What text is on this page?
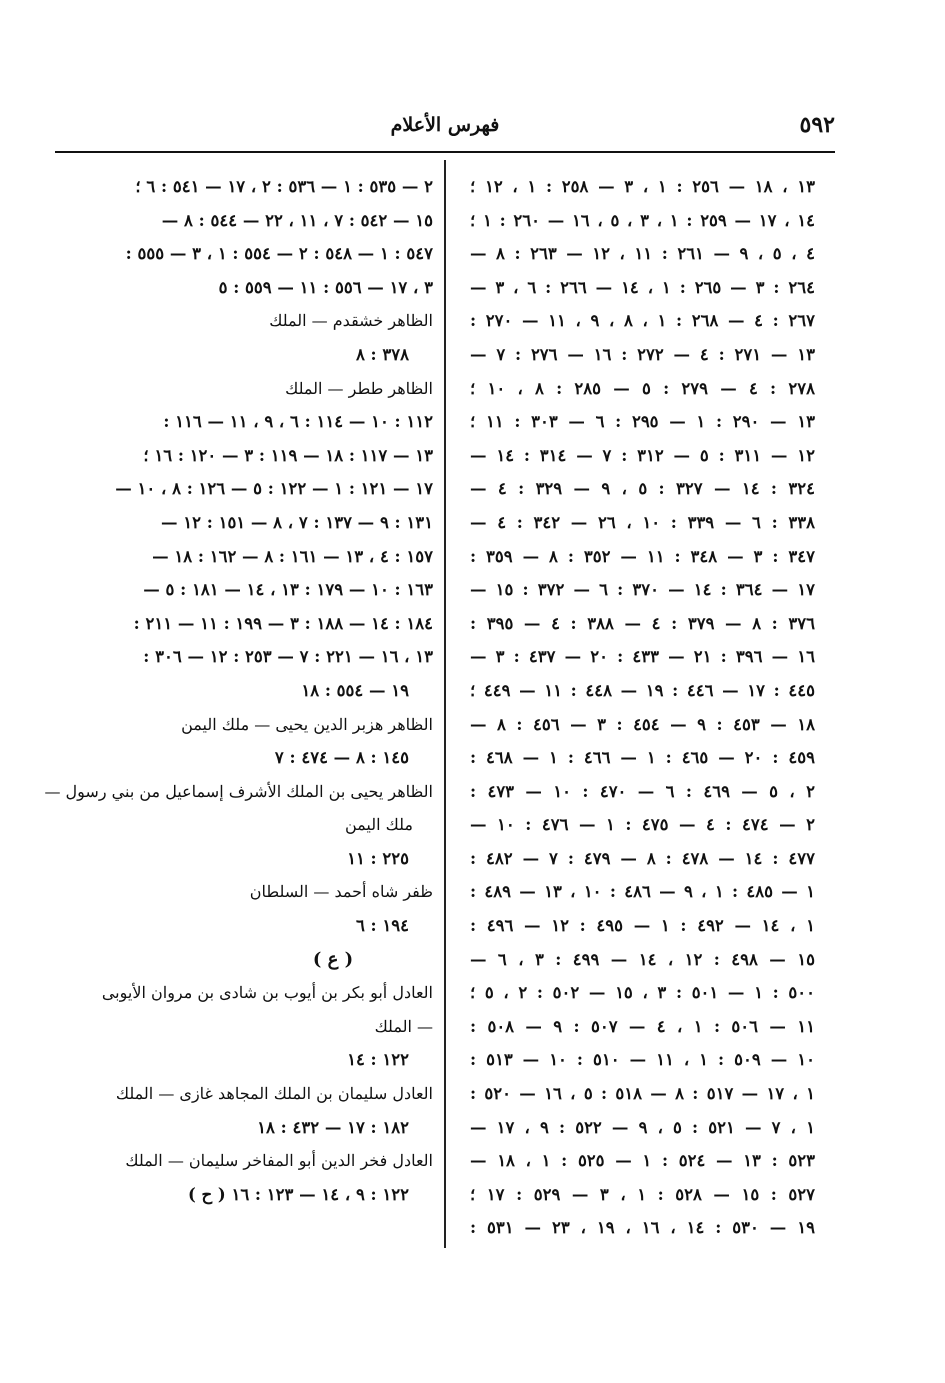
٥٩٢
فهرس الأعلام
١٣ ، ١٨ — ٢٥٦ : ١ ، ٣ — ٢٥٨ : ١ ، ١٢ ؛
١٤ ، ١٧ — ٢٥٩ : ١ ، ٣ ، ٥ ، ١٦ — ٢٦٠ : ١ ؛
٤ ، ٥ ، ٩ — ٢٦١ : ١١ ، ١٢ — ٢٦٣ : ٨ —
٢٦٤ : ٣ — ٢٦٥ : ١ ، ١٤ — ٢٦٦ : ٦ ، ٣ —
٢٦٧ : ٤ — ٢٦٨ : ١ ، ٨ ، ٩ ، ١١ — ٢٧٠ :
١٣ — ٢٧١ : ٤ — ٢٧٢ : ١٦ — ٢٧٦ : ٧ —
٢٧٨ : ٤ — ٢٧٩ : ٥ — ٢٨٥ : ٨ ، ١٠ ؛
١٣ — ٢٩٠ : ١ — ٢٩٥ : ٦ — ٣٠٣ : ١١ ؛
١٢ — ٣١١ : ٥ — ٣١٢ : ٧ — ٣١٤ : ١٤ —
٣٢٤ : ١٤ — ٣٢٧ : ٥ ، ٩ — ٣٢٩ : ٤ —
٣٣٨ : ٦ — ٣٣٩ : ١٠ ، ٢٦ — ٣٤٢ : ٤ —
٣٤٧ : ٣ — ٣٤٨ : ١١ — ٣٥٢ : ٨ — ٣٥٩ :
١٧ — ٣٦٤ : ١٤ — ٣٧٠ : ٦ — ٣٧٢ : ١٥ —
٣٧٦ : ٨ — ٣٧٩ : ٤ — ٣٨٨ : ٤ — ٣٩٥ :
١٦ — ٣٩٦ : ٢١ — ٤٣٣ : ٢٠ — ٤٣٧ : ٣ —
٤٤٥ : ١٧ — ٤٤٦ : ١٩ — ٤٤٨ : ١١ — ٤٤٩ ؛
١٨ — ٤٥٣ : ٩ — ٤٥٤ : ٣ — ٤٥٦ : ٨ —
٤٥٩ : ٢٠ — ٤٦٥ : ١ — ٤٦٦ : ١ — ٤٦٨ :
٢ ، ٥ — ٤٦٩ : ٦ — ٤٧٠ : ١٠ — ٤٧٣ :
٢ — ٤٧٤ : ٤ — ٤٧٥ : ١ — ٤٧٦ : ١٠ —
٤٧٧ : ١٤ — ٤٧٨ : ٨ — ٤٧٩ : ٧ — ٤٨٢ :
١ — ٤٨٥ : ١ ، ٩ — ٤٨٦ : ١٠ ، ١٣ — ٤٨٩ :
١ ، ١٤ — ٤٩٢ : ١ — ٤٩٥ : ١٢ — ٤٩٦ :
١٥ — ٤٩٨ : ١٢ ، ١٤ — ٤٩٩ : ٣ ، ٦ —
٥٠٠ : ١ — ٥٠١ : ٣ ، ١٥ — ٥٠٢ : ٢ ، ٥ ؛
١١ — ٥٠٦ : ١ ، ٤ — ٥٠٧ : ٩ — ٥٠٨ :
١٠ — ٥٠٩ : ١ ، ١١ — ٥١٠ : ١٠ — ٥١٣ :
١ ، ١٧ — ٥١٧ : ٨ — ٥١٨ : ٥ ، ١٦ — ٥٢٠ :
١ ، ٧ — ٥٢١ : ٥ ، ٩ — ٥٢٢ : ٩ ، ١٧ —
٥٢٣ : ١٣ — ٥٢٤ : ١ — ٥٢٥ : ١ ، ١٨ —
٥٢٧ : ١٥ — ٥٢٨ : ١ ، ٣ — ٥٢٩ : ١٧ ؛
١٩ — ٥٣٠ : ١٤ ، ١٦ ، ١٩ ، ٢٣ — ٥٣١ :
٢ — ٥٣٥ : ١ — ٥٣٦ : ٢ ، ١٧ — ٥٤١ : ٦ ؛
١٥ — ٥٤٢ : ٧ ، ١١ ، ٢٢ — ٥٤٤ : ٨ —
٥٤٧ : ١ — ٥٤٨ : ٢ — ٥٥٤ : ١ ، ٣ — ٥٥٥ :
٣ ، ١٧ — ٥٥٦ : ١١ — ٥٥٩ : ٥
الظاهر خشقدم — الملك
٣٧٨ : ٨
الظاهر ططر — الملك
١١٢ : ١٠ — ١١٤ : ٦ ، ٩ ، ١١ — ١١٦ :
١٣ — ١١٧ : ١٨ — ١١٩ : ٣ — ١٢٠ : ١٦ ؛
١٧ — ١٢١ : ١ — ١٢٢ : ٥ — ١٢٦ : ٨ ، ١٠ —
١٣١ : ٩ — ١٣٧ : ٧ ، ٨ — ١٥١ : ١٢ —
١٥٧ : ٤ ، ١٣ — ١٦١ : ٨ — ١٦٢ : ١٨ —
١٦٣ : ١٠ — ١٧٩ : ١٣ ، ١٤ — ١٨١ : ٥ —
١٨٤ : ١٤ — ١٨٨ : ٣ — ١٩٩ : ١١ — ٢١١ :
١٣ ، ١٦ — ٢٢١ : ٧ — ٢٥٣ : ١٢ — ٣٠٦ :
١٩ — ٥٥٤ : ١٨
الظاهر هزبر الدين يحيى — ملك اليمن
١٤٥ : ٨ — ٤٧٤ : ٧
الظاهر يحيى بن الملك الأشرف إسماعيل من بني رسول —
ملك اليمن
٢٢٥ : ١١
ظفر شاه أحمد — السلطان
١٩٤ : ٦
( ع )
العادل أبو بكر بن أيوب بن شادى بن مروان الأيوبى
— الملك
١٢٢ : ١٤
العادل سليمان بن الملك المجاهد غازى — الملك
١٨٢ : ١٧ — ٤٣٢ : ١٨
العادل فخر الدين أبو المفاخر سليمان — الملك
١٢٢ : ٩ ، ١٤ — ١٢٣ : ١٦ ( ح )
